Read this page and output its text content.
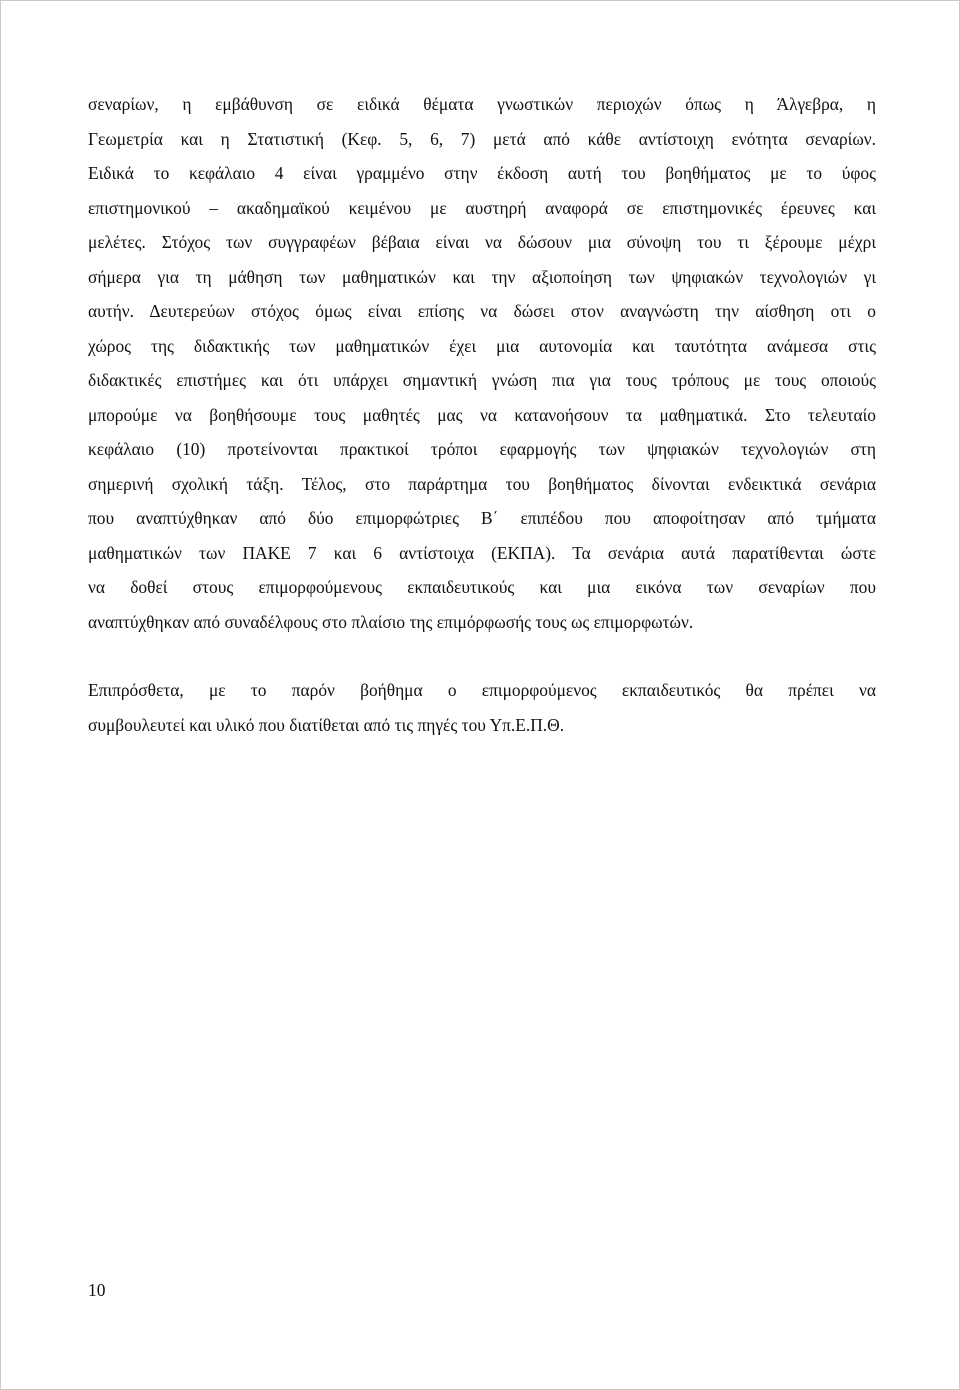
σεναρίων, η εμβάθυνση σε ειδικά θέματα γνωστικών περιοχών όπως η Άλγεβρα, η
Γεωμετρία και η Στατιστική (Κεφ. 5, 6, 7) μετά από κάθε αντίστοιχη ενότητα σεναρίων.
Ειδικά το κεφάλαιο 4 είναι γραμμένο στην έκδοση αυτή του βοηθήματος με το ύφος
επιστημονικού – ακαδημαϊκού κειμένου με αυστηρή αναφορά σε επιστημονικές έρευνες και
μελέτες. Στόχος των συγγραφέων βέβαια είναι να δώσουν μια σύνοψη του τι ξέρουμε μέχρι
σήμερα για τη μάθηση των μαθηματικών και την αξιοποίηση των ψηφιακών τεχνολογιών γι
αυτήν. Δευτερεύων στόχος όμως είναι επίσης να δώσει στον αναγνώστη την αίσθηση οτι ο
χώρος της διδακτικής των μαθηματικών έχει μια αυτονομία και ταυτότητα ανάμεσα στις
διδακτικές επιστήμες και ότι υπάρχει σημαντική γνώση πια για τους τρόπους με τους οποιούς
μπορούμε να βοηθήσουμε τους μαθητές μας να κατανοήσουν τα μαθηματικά. Στο τελευταίο
κεφάλαιο (10) προτείνονται πρακτικοί τρόποι εφαρμογής των ψηφιακών τεχνολογιών στη
σημερινή σχολική τάξη. Τέλος, στο παράρτημα του βοηθήματος δίνονται ενδεικτικά σενάρια
που αναπτύχθηκαν από δύο επιμορφώτριες Β΄ επιπέδου που αποφοίτησαν από τμήματα
μαθηματικών των ΠΑΚΕ 7 και 6 αντίστοιχα (ΕΚΠΑ). Τα σενάρια αυτά παρατίθενται ώστε
να δοθεί στους επιμορφούμενους εκπαιδευτικούς και μια εικόνα των σεναρίων που
αναπτύχθηκαν από συναδέλφους στο πλαίσιο της επιμόρφωσής τους ως επιμορφωτών.
Επιπρόσθετα, με το παρόν βοήθημα ο επιμορφούμενος εκπαιδευτικός θα πρέπει να
συμβουλευτεί και υλικό που διατίθεται από τις πηγές του Υπ.Ε.Π.Θ.
10
